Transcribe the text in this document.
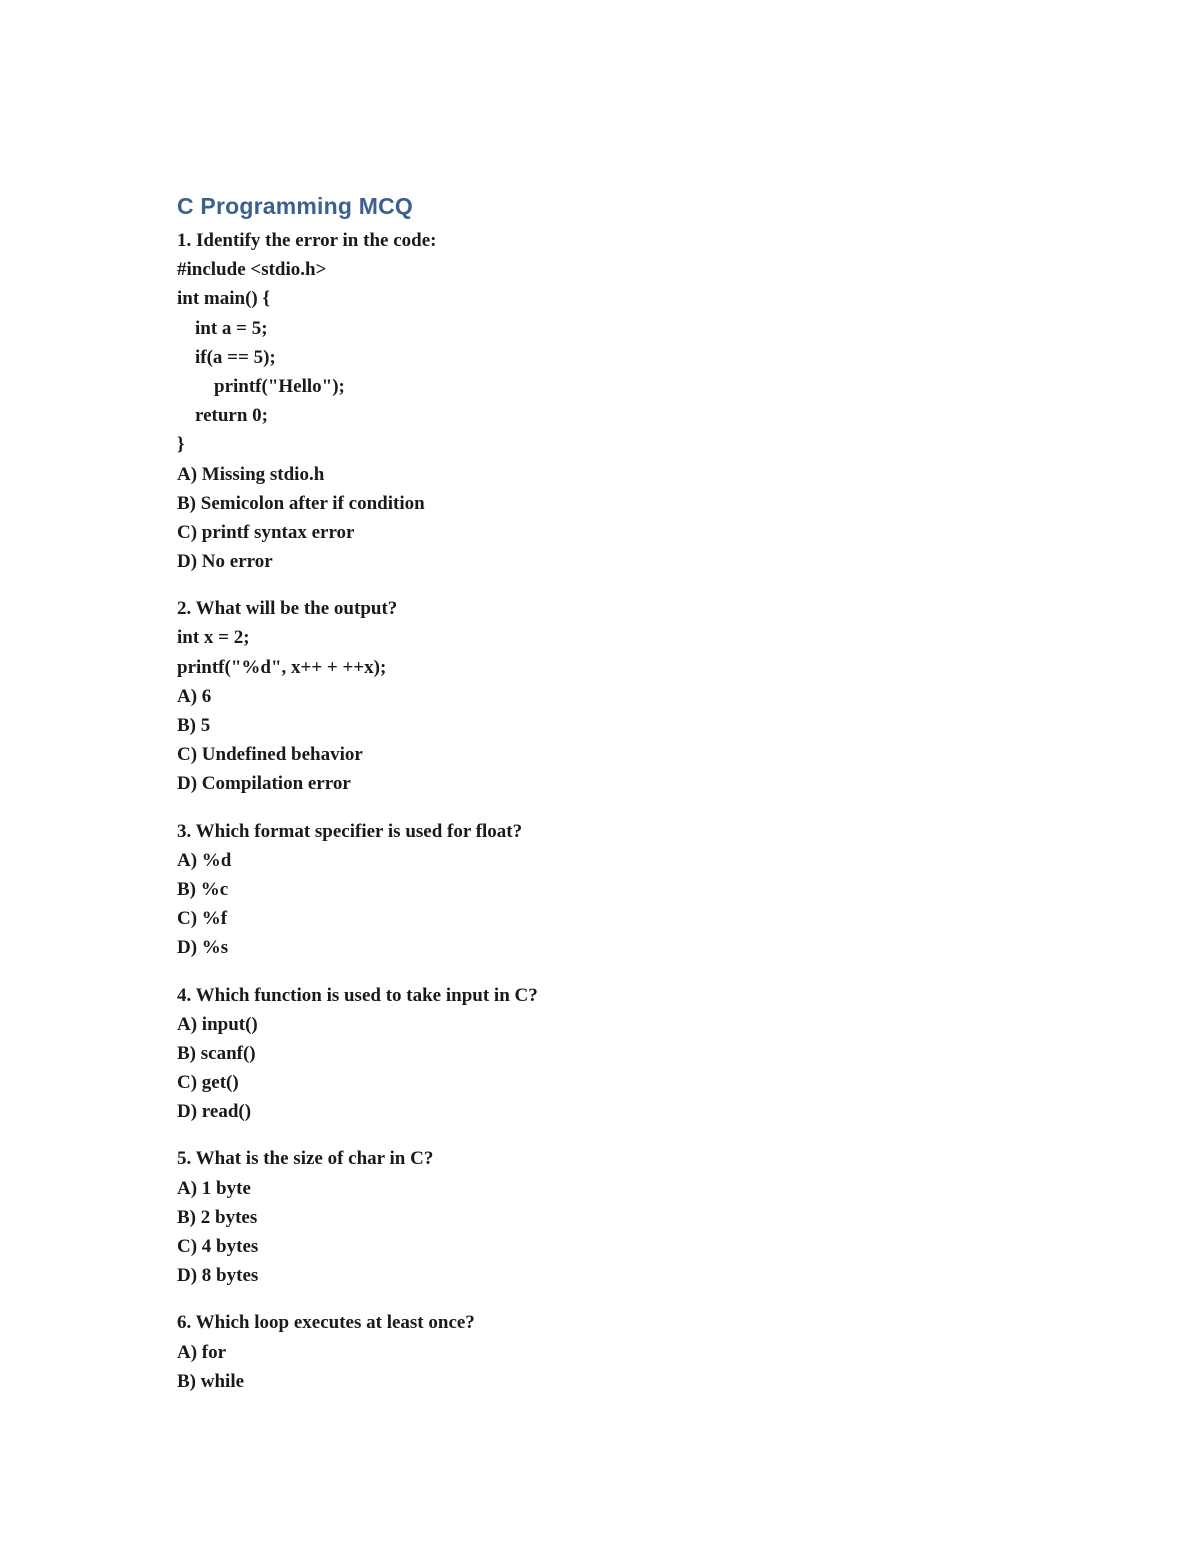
C Programming MCQ
1. Identify the error in the code:
#include <stdio.h>
int main() {
int a = 5;
if(a == 5);
printf("Hello");
return 0;
}
A) Missing stdio.h
B) Semicolon after if condition
C) printf syntax error
D) No error
2. What will be the output?
int x = 2;
printf("%d", x++ + ++x);
A) 6
B) 5
C) Undefined behavior
D) Compilation error
3. Which format specifier is used for float?
A) %d
B) %c
C) %f
D) %s
4. Which function is used to take input in C?
A) input()
B) scanf()
C) get()
D) read()
5. What is the size of char in C?
A) 1 byte
B) 2 bytes
C) 4 bytes
D) 8 bytes
6. Which loop executes at least once?
A) for
B) while
